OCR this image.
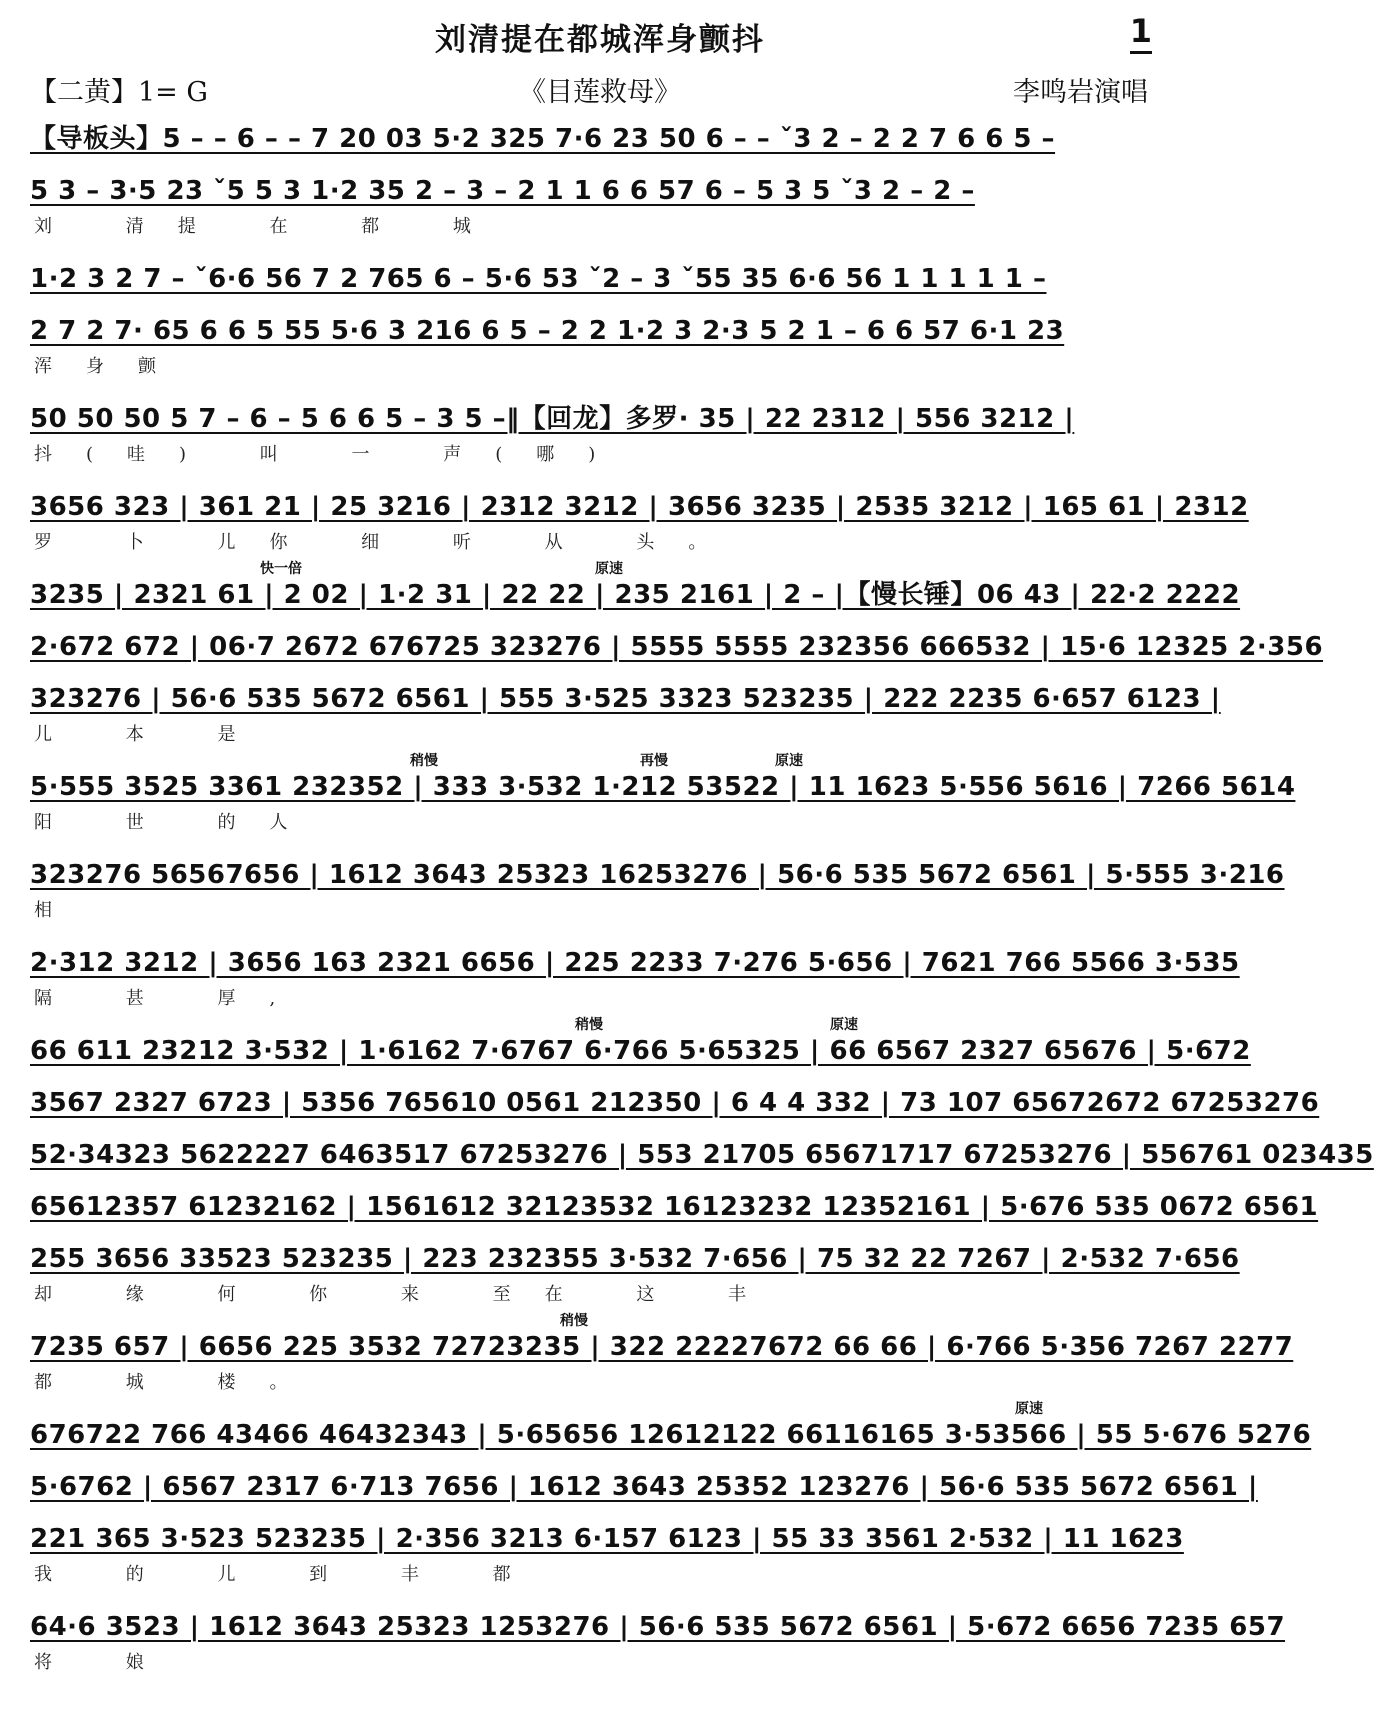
刘清提在都城浑身颤抖	1
【二黄】1= G	《目莲救母》	李鸣岩演唱
【导板头】5 – – 6 – – 7 20 03 5·2 325 7·6 23 50 6 – – ˇ3 2 – 2 2 7 6 6 5 –
5 3 – 3·5 23 ˇ5 5 3 1·2 35 2 – 3 – 2 1 1 6 6 57 6 – 5 3 5 ˇ3 2 – 2 –
刘 清提 在 都 城
1·2 3 2 7 – ˇ6·6 56 7 2 765 6 – 5·6 53 ˇ2 – 3 ˇ55 35 6·6 56 1 1 1 1 1 –
2 7 2 7· 65 6 6 5 55 5·6 3 216 6 5 – 2 2 1·2 3 2·3 5 2 1 – 6 6 57 6·1 23
浑身颤
50 50 50 5 7 – 6 – 5 6 6 5 – 3 5 –‖【回龙】多罗· 35 | 22 2312 | 556 3212 |
抖(哇) 叫 一 声(哪)
3656 323 | 361 21 | 25 3216 | 2312 3212 | 3656 3235 | 2535 3212 | 165 61 | 2312
罗 卜 儿你 细 听 从 头。
3235 | 2321 61 | 2 02 | 1·2 31 | 22 22 | 235 2161 | 2 – |【慢长锤】06 43 | 22·2 2222
快一倍	原速
2·672 672 | 06·7 2672 676725 323276 | 5555 5555 232356 666532 | 15·6 12325 2·356
323276 | 56·6 535 5672 6561 | 555 3·525 3323 523235 | 222 2235 6·657 6123 |
儿 本 是
5·555 3525 3361 232352 | 333 3·532 1·212 53522 | 11 1623 5·556 5616 | 7266 5614
阳 世 的人
稍慢	再慢	原速
323276 56567656 | 1612 3643 25323 16253276 | 56·6 535 5672 6561 | 5·555 3·216
相
2·312 3212 | 3656 163 2321 6656 | 225 2233 7·276 5·656 | 7621 766 5566 3·535
隔 甚 厚,
66 611 23212 3·532 | 1·6162 7·6767 6·766 5·65325 | 66 6567 2327 65676 | 5·672
稍慢	原速
3567 2327 6723 | 5356 765610 0561 212350 | 6 4 4 332 | 73 107 65672672 67253276
52·34323 5622227 6463517 67253276 | 553 21705 65671717 67253276 | 556761 023435
65612357 61232162 | 1561612 32123532 16123232 12352161 | 5·676 535 0672 6561
255 3656 33523 523235 | 223 232355 3·532 7·656 | 75 32 22 7267 | 2·532 7·656
却 缘 何 你 来 至在 这 丰
7235 657 | 6656 225 3532 72723235 | 322 22227672 66 66 | 6·766 5·356 7267 2277
都 城 楼。
稍慢
676722 766 43466 46432343 | 5·65656 12612122 66116165 3·53566 | 55 5·676 5276
原速
5·6762 | 6567 2317 6·713 7656 | 1612 3643 25352 123276 | 56·6 535 5672 6561 |
221 365 3·523 523235 | 2·356 3213 6·157 6123 | 55 33 3561 2·532 | 11 1623
我 的 儿 到 丰 都
64·6 3523 | 1612 3643 25323 1253276 | 56·6 535 5672 6561 | 5·672 6656 7235 657
将 娘
